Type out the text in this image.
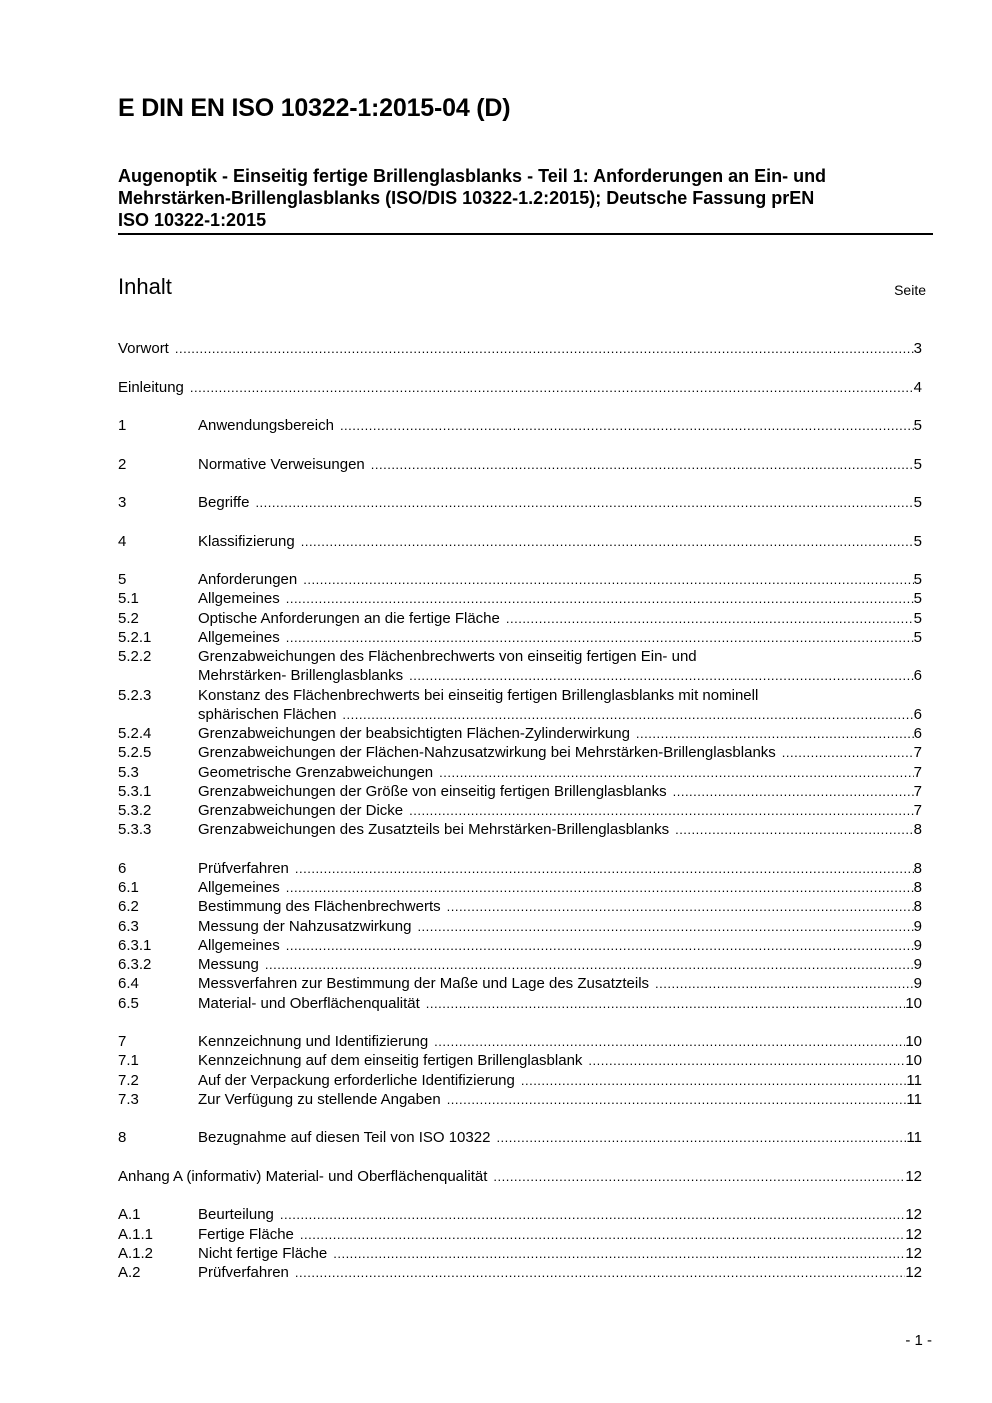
E DIN EN ISO 10322-1:2015-04 (D)
Augenoptik - Einseitig fertige Brillenglasblanks - Teil 1: Anforderungen an Ein- und
Mehrstärken-Brillenglasblanks (ISO/DIS 10322-1.2:2015); Deutsche Fassung prEN
ISO 10322-1:2015
Inhalt	Seite
Vorwort .....	3
Einleitung .....	4
1	Anwendungsbereich .....	5
2	Normative Verweisungen .....	5
3	Begriffe .....	5
4	Klassifizierung .....	5
5	Anforderungen .....	5
5.1	Allgemeines .....	5
5.2	Optische Anforderungen an die fertige Fläche .....	5
5.2.1	Allgemeines .....	5
5.2.2	Grenzabweichungen des Flächenbrechwerts von einseitig fertigen Ein- und
Mehrstärken- Brillenglasblanks .....	6
5.2.3	Konstanz des Flächenbrechwerts bei einseitig fertigen Brillenglasblanks mit nominell
sphärischen Flächen .....	6
5.2.4	Grenzabweichungen der beabsichtigten Flächen-Zylinderwirkung .....	6
5.2.5	Grenzabweichungen der Flächen-Nahzusatzwirkung bei Mehrstärken-Brillenglasblanks .....	7
5.3	Geometrische Grenzabweichungen .....	7
5.3.1	Grenzabweichungen der Größe von einseitig fertigen Brillenglasblanks .....	7
5.3.2	Grenzabweichungen der Dicke .....	7
5.3.3	Grenzabweichungen des Zusatzteils bei Mehrstärken-Brillenglasblanks .....	8
6	Prüfverfahren .....	8
6.1	Allgemeines .....	8
6.2	Bestimmung des Flächenbrechwerts .....	8
6.3	Messung der Nahzusatzwirkung .....	9
6.3.1	Allgemeines .....	9
6.3.2	Messung .....	9
6.4	Messverfahren zur Bestimmung der Maße und Lage des Zusatzteils .....	9
6.5	Material- und Oberflächenqualität .....	10
7	Kennzeichnung und Identifizierung .....	10
7.1	Kennzeichnung auf dem einseitig fertigen Brillenglasblank .....	10
7.2	Auf der Verpackung erforderliche Identifizierung .....	11
7.3	Zur Verfügung zu stellende Angaben .....	11
8	Bezugnahme auf diesen Teil von ISO 10322 .....	11
Anhang A (informativ) Material- und Oberflächenqualität .....	12
A.1	Beurteilung .....	12
A.1.1	Fertige Fläche .....	12
A.1.2	Nicht fertige Fläche .....	12
A.2	Prüfverfahren .....	12
- 1 -
